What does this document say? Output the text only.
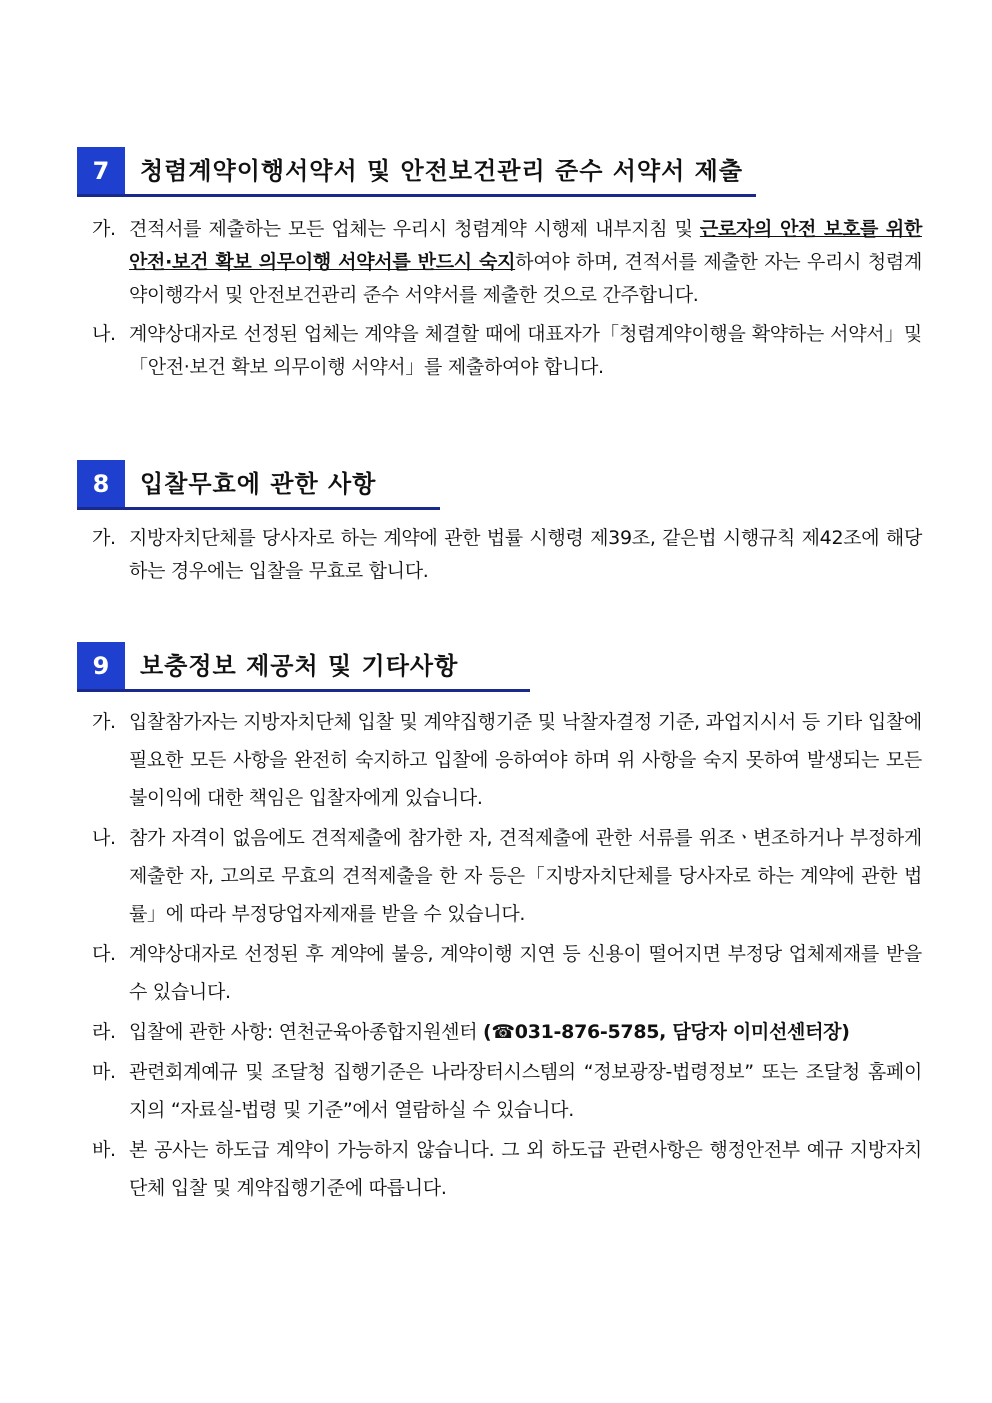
7	청렴계약이행서약서 및 안전보건관리 준수 서약서 제출
가. 견적서를 제출하는 모든 업체는 우리시 청렴계약 시행제 내부지침 및 근로자의 안전 보호를 위한 안전·보건 확보 의무이행 서약서를 반드시 숙지하여야 하며, 견적서를 제출한 자는 우리시 청렴계약이행각서 및 안전보건관리 준수 서약서를 제출한 것으로 간주합니다.
나. 계약상대자로 선정된 업체는 계약을 체결할 때에 대표자가「청렴계약이행을 확약하는 서약서」및「안전·보건 확보 의무이행 서약서」를 제출하여야 합니다.
8	입찰무효에 관한 사항
가. 지방자치단체를 당사자로 하는 계약에 관한 법률 시행령 제39조, 같은법 시행규칙 제42조에 해당하는 경우에는 입찰을 무효로 합니다.
9	보충정보 제공처 및 기타사항
가. 입찰참가자는 지방자치단체 입찰 및 계약집행기준 및 낙찰자결정 기준, 과업지시서 등 기타 입찰에 필요한 모든 사항을 완전히 숙지하고 입찰에 응하여야 하며 위 사항을 숙지 못하여 발생되는 모든 불이익에 대한 책임은 입찰자에게 있습니다.
나. 참가 자격이 없음에도 견적제출에 참가한 자, 견적제출에 관한 서류를 위조ㆍ변조하거나 부정하게 제출한 자, 고의로 무효의 견적제출을 한 자 등은「지방자치단체를 당사자로 하는 계약에 관한 법률」에 따라 부정당업자제재를 받을 수 있습니다.
다. 계약상대자로 선정된 후 계약에 불응, 계약이행 지연 등 신용이 떨어지면 부정당 업체제재를 받을 수 있습니다.
라. 입찰에 관한 사항: 연천군육아종합지원센터 (☎031-876-5785, 담당자 이미선센터장)
마. 관련회계예규 및 조달청 집행기준은 나라장터시스템의 “정보광장-법령정보” 또는 조달청 홈페이지의 “자료실-법령 및 기준”에서 열람하실 수 있습니다.
바. 본 공사는 하도급 계약이 가능하지 않습니다. 그 외 하도급 관련사항은 행정안전부 예규 지방자치단체 입찰 및 계약집행기준에 따릅니다.
